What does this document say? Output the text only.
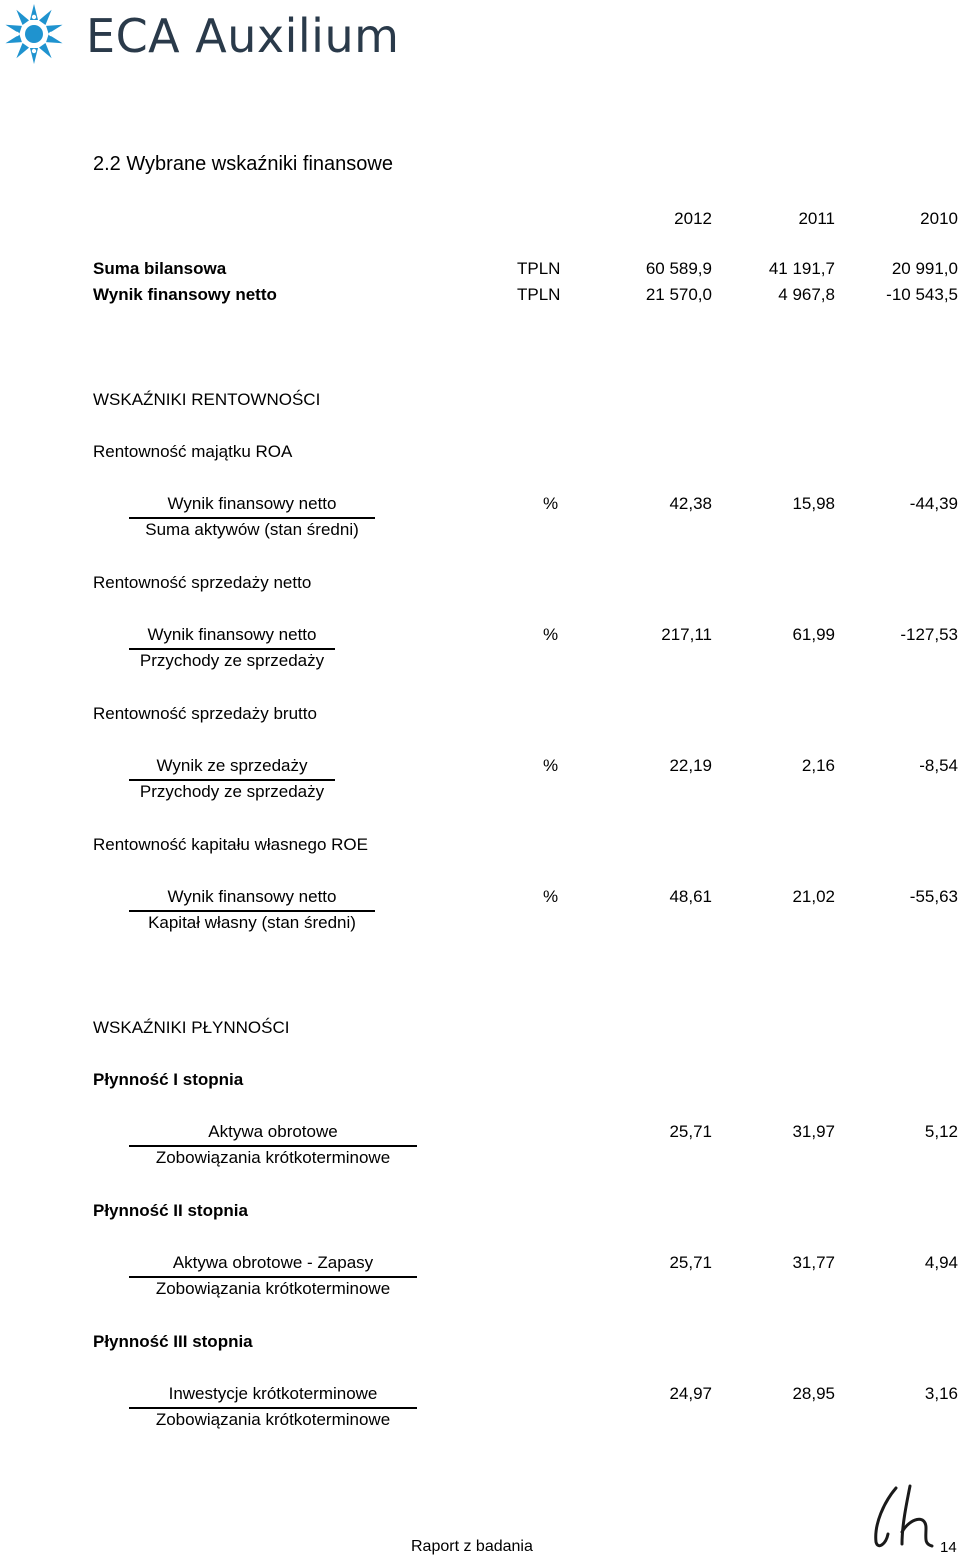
ECA Auxilium
2.2 Wybrane wskaźniki finansowe
2012	2011	2010
Suma bilansowa	TPLN	60 589,9	41 191,7	20 991,0
Wynik finansowy netto	TPLN	21 570,0	4 967,8	-10 543,5
WSKAŹNIKI RENTOWNOŚCI
Rentowność majątku ROA
Wynik finansowy netto
Suma aktywów (stan średni)
%	42,38	15,98	-44,39
Rentowność sprzedaży netto
Wynik finansowy netto
Przychody ze sprzedaży
%	217,11	61,99	-127,53
Rentowność sprzedaży brutto
Wynik ze sprzedaży
Przychody ze sprzedaży
%	22,19	2,16	-8,54
Rentowność kapitału własnego ROE
Wynik finansowy netto
Kapitał własny (stan średni)
%	48,61	21,02	-55,63
WSKAŹNIKI PŁYNNOŚCI
Płynność I stopnia
Aktywa obrotowe
Zobowiązania krótkoterminowe
25,71	31,97	5,12
Płynność II stopnia
Aktywa obrotowe - Zapasy
Zobowiązania krótkoterminowe
25,71	31,77	4,94
Płynność III stopnia
Inwestycje krótkoterminowe
Zobowiązania krótkoterminowe
24,97	28,95	3,16
Raport z badania	14
